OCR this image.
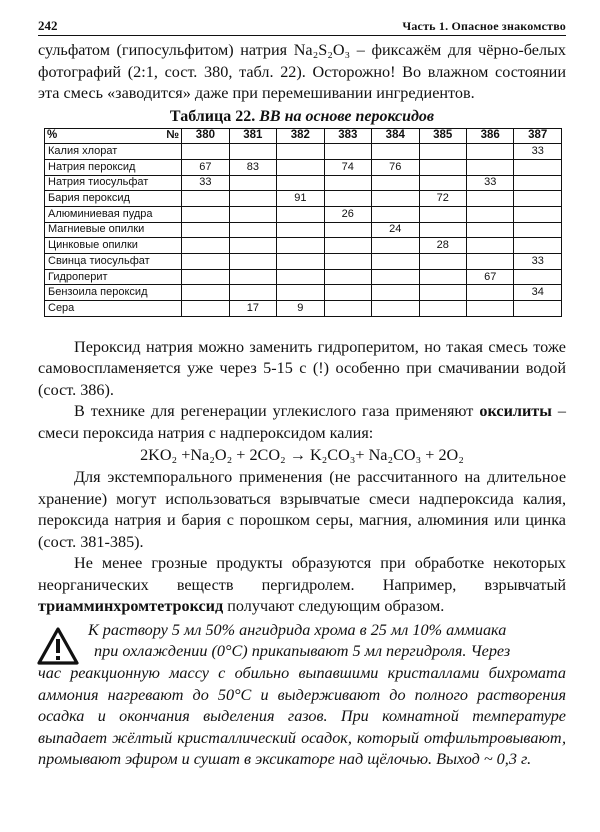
242	Часть 1. Опасное знакомство

сульфатом (гипосульфитом) натрия Na₂S₂O₃ – фиксажём для чёрно-белых фотографий (2:1, сост. 380, табл. 22). Осторожно! Во влажном состоянии эта смесь «заводится» даже при перемешивании ингредиентов.

Таблица 22. ВВ на основе пероксидов
% №	380	381	382	383	384	385	386	387
Калия хлорат								33
Натрия пероксид	67	83		74	76			
Натрия тиосульфат	33						33	
Бария пероксид			91			72		
Алюминиевая пудра				26				
Магниевые опилки					24			
Цинковые опилки						28		
Свинца тиосульфат								33
Гидроперит							67	
Бензоила пероксид								34
Сера		17	9					

Пероксид натрия можно заменить гидроперитом, но такая смесь тоже самовоспламеняется уже через 5-15 с (!) особенно при смачивании водой (сост. 386).

В технике для регенерации углекислого газа применяют оксилиты – смеси пероксида натрия с надпероксидом калия:

2KO₂ +Na₂O₂ + 2CO₂ → K₂CO₃+ Na₂CO₃ + 2O₂

Для экстемпорального применения (не рассчитанного на длительное хранение) могут использоваться взрывчатые смеси надпероксида калия, пероксида натрия и бария с порошком серы, магния, алюминия или цинка (сост. 381-385).

Не менее грозные продукты образуются при обработке некоторых неорганических веществ пергидролем. Например, взрывчатый триамминхромтетроксид получают следующим образом.

К раствору 5 мл 50% ангидрида хрома в 25 мл 10% аммиака
при охлаждении (0°С) прикапывают 5 мл пергидроля. Через
час реакционную массу с обильно выпавшими кристаллами бихромата аммония нагревают до 50°С и выдерживают до полного растворения осадка и окончания выделения газов. При комнатной температуре выпадает жёлтый кристаллический осадок, который отфильтровывают, промывают эфиром и сушат в эксикаторе над щёлочью. Выход ~ 0,3 г.
